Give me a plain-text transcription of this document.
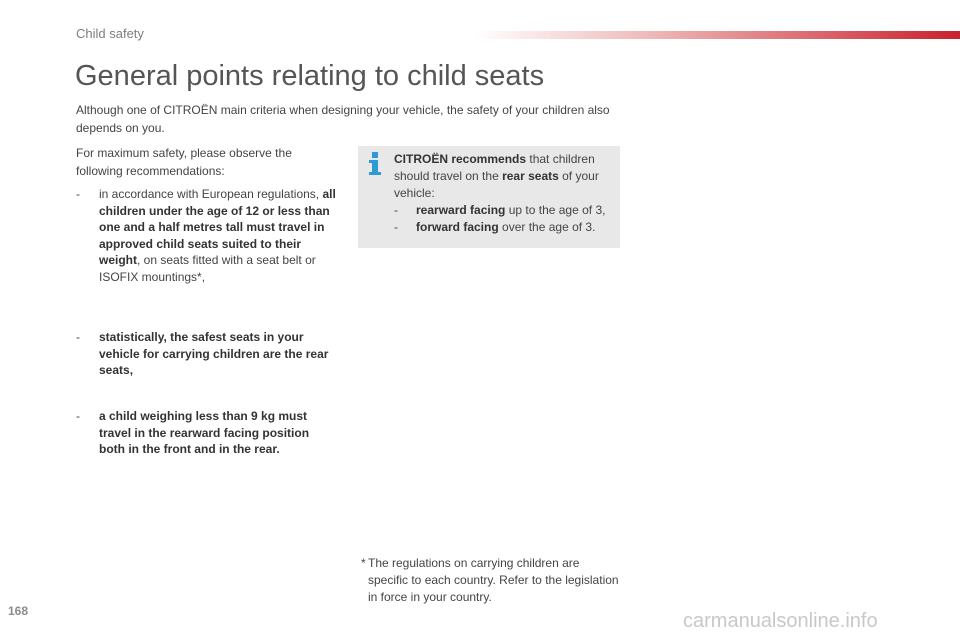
Child safety
General points relating to child seats

Although one of CITROËN main criteria when designing your vehicle, the safety of your children also depends on you.

For maximum safety, please observe the following recommendations:

- in accordance with European regulations, all children under the age of 12 or less than one and a half metres tall must travel in approved child seats suited to their weight, on seats fitted with a seat belt or ISOFIX mountings*,
- statistically, the safest seats in your vehicle for carrying children are the rear seats,
- a child weighing less than 9 kg must travel in the rearward facing position both in the front and in the rear.
CITROËN recommends that children should travel on the rear seats of your vehicle:
- rearward facing up to the age of 3,
- forward facing over the age of 3.
* The regulations on carrying children are specific to each country. Refer to the legislation in force in your country.
168	carmanualsonline.info
